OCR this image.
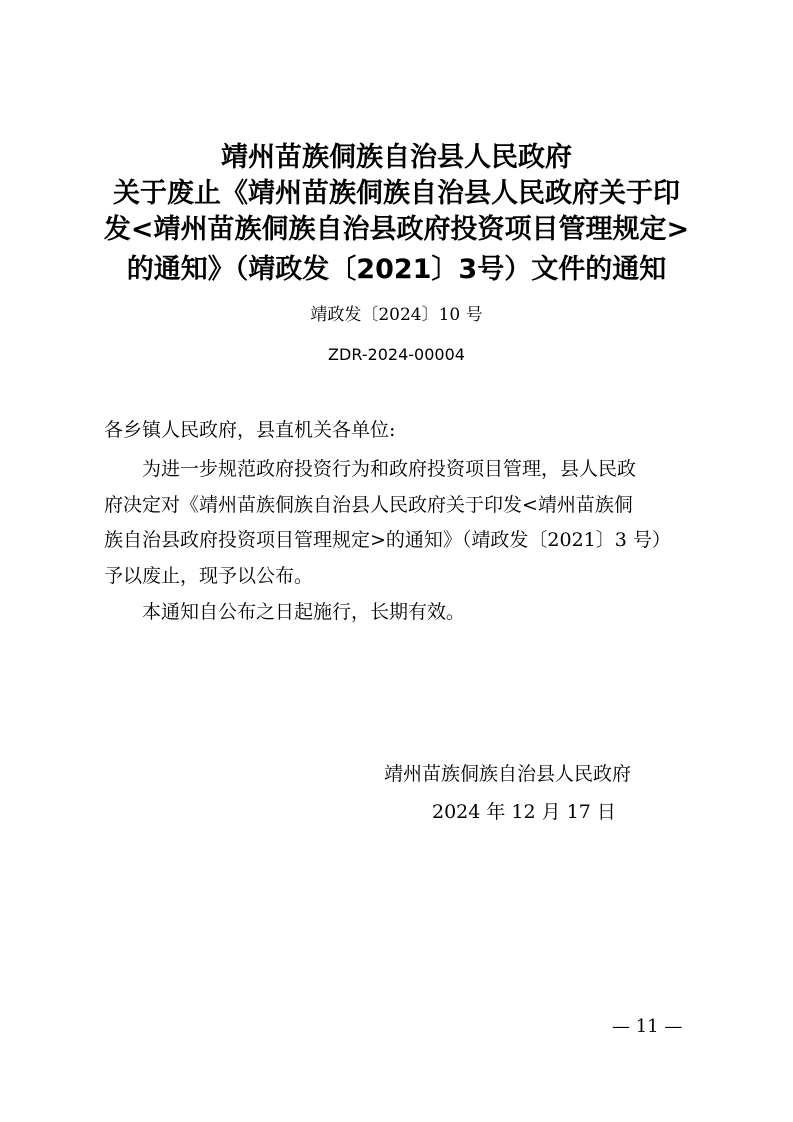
靖州苗族侗族自治县人民政府
关于废止《靖州苗族侗族自治县人民政府关于印
发<靖州苗族侗族自治县政府投资项目管理规定>
的通知》（靖政发〔2021〕3号）文件的通知
靖政发〔2024〕10 号
ZDR-2024-00004
各乡镇人民政府，县直机关各单位:
为进一步规范政府投资行为和政府投资项目管理，县人民政
府决定对《靖州苗族侗族自治县人民政府关于印发<靖州苗族侗
族自治县政府投资项目管理规定>的通知》（靖政发〔2021〕3 号）
予以废止，现予以公布。
本通知自公布之日起施行，长期有效。
靖州苗族侗族自治县人民政府
2024 年 12 月 17 日
— 11 —
